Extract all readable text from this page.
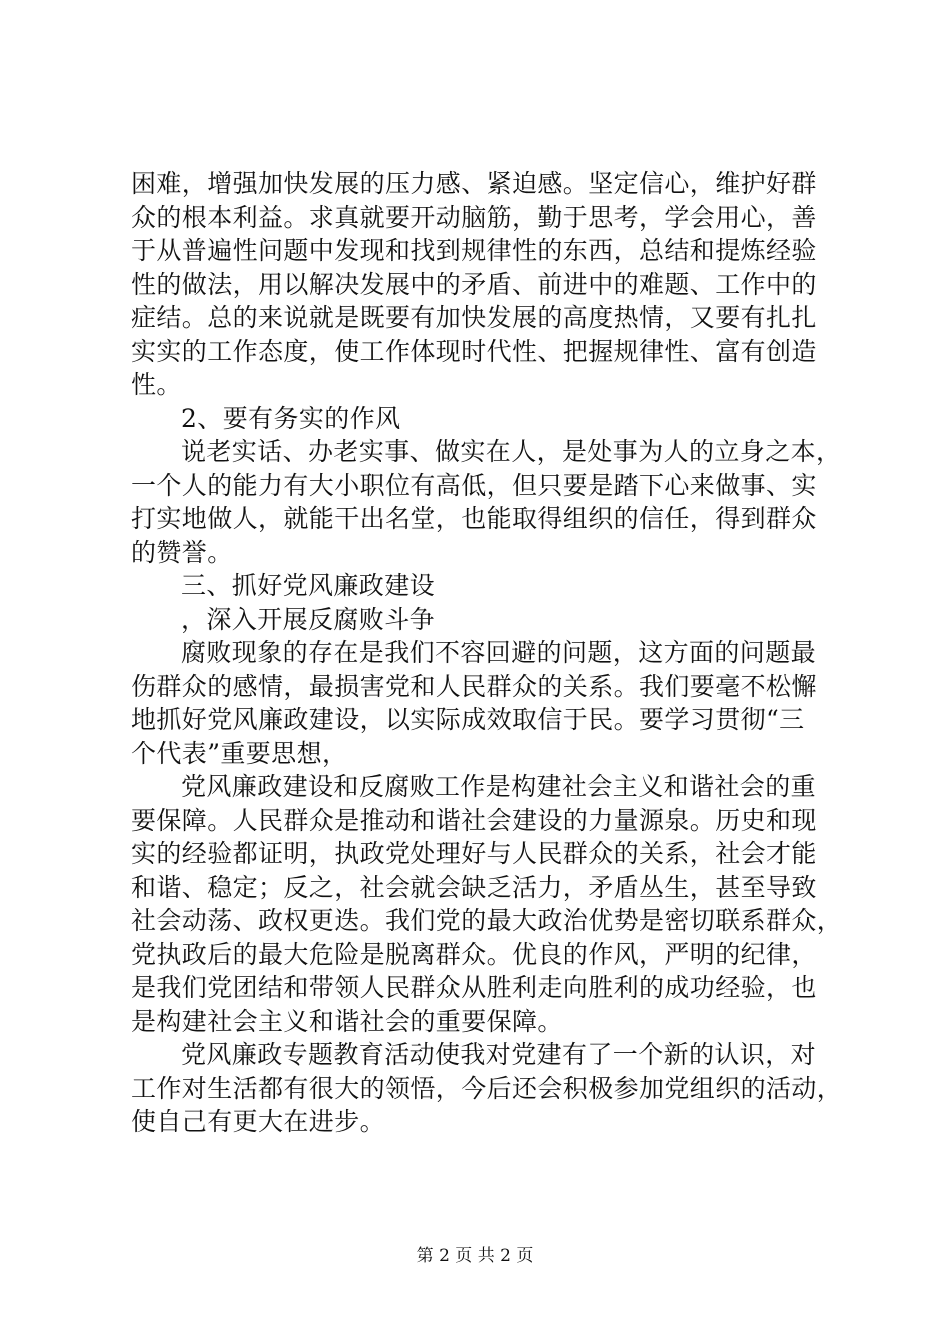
困难，增强加快发展的压力感、紧迫感。坚定信心，维护好群
众的根本利益。求真就要开动脑筋，勤于思考，学会用心，善
于从普遍性问题中发现和找到规律性的东西，总结和提炼经验
性的做法，用以解决发展中的矛盾、前进中的难题、工作中的
症结。总的来说就是既要有加快发展的高度热情，又要有扎扎
实实的工作态度，使工作体现时代性、把握规律性、富有创造
性。
2、要有务实的作风
说老实话、办老实事、做实在人，是处事为人的立身之本，
一个人的能力有大小职位有高低，但只要是踏下心来做事、实
打实地做人，就能干出名堂，也能取得组织的信任，得到群众
的赞誉。
三、抓好党风廉政建设
，深入开展反腐败斗争
腐败现象的存在是我们不容回避的问题，这方面的问题最
伤群众的感情，最损害党和人民群众的关系。我们要毫不松懈
地抓好党风廉政建设，以实际成效取信于民。要学习贯彻“三
个代表”重要思想，
党风廉政建设和反腐败工作是构建社会主义和谐社会的重
要保障。人民群众是推动和谐社会建设的力量源泉。历史和现
实的经验都证明，执政党处理好与人民群众的关系，社会才能
和谐、稳定；反之，社会就会缺乏活力，矛盾丛生，甚至导致
社会动荡、政权更迭。我们党的最大政治优势是密切联系群众，
党执政后的最大危险是脱离群众。优良的作风，严明的纪律，
是我们党团结和带领人民群众从胜利走向胜利的成功经验，也
是构建社会主义和谐社会的重要保障。
党风廉政专题教育活动使我对党建有了一个新的认识，对
工作对生活都有很大的领悟，今后还会积极参加党组织的活动，
使自己有更大在进步。
第 2 页 共 2 页
